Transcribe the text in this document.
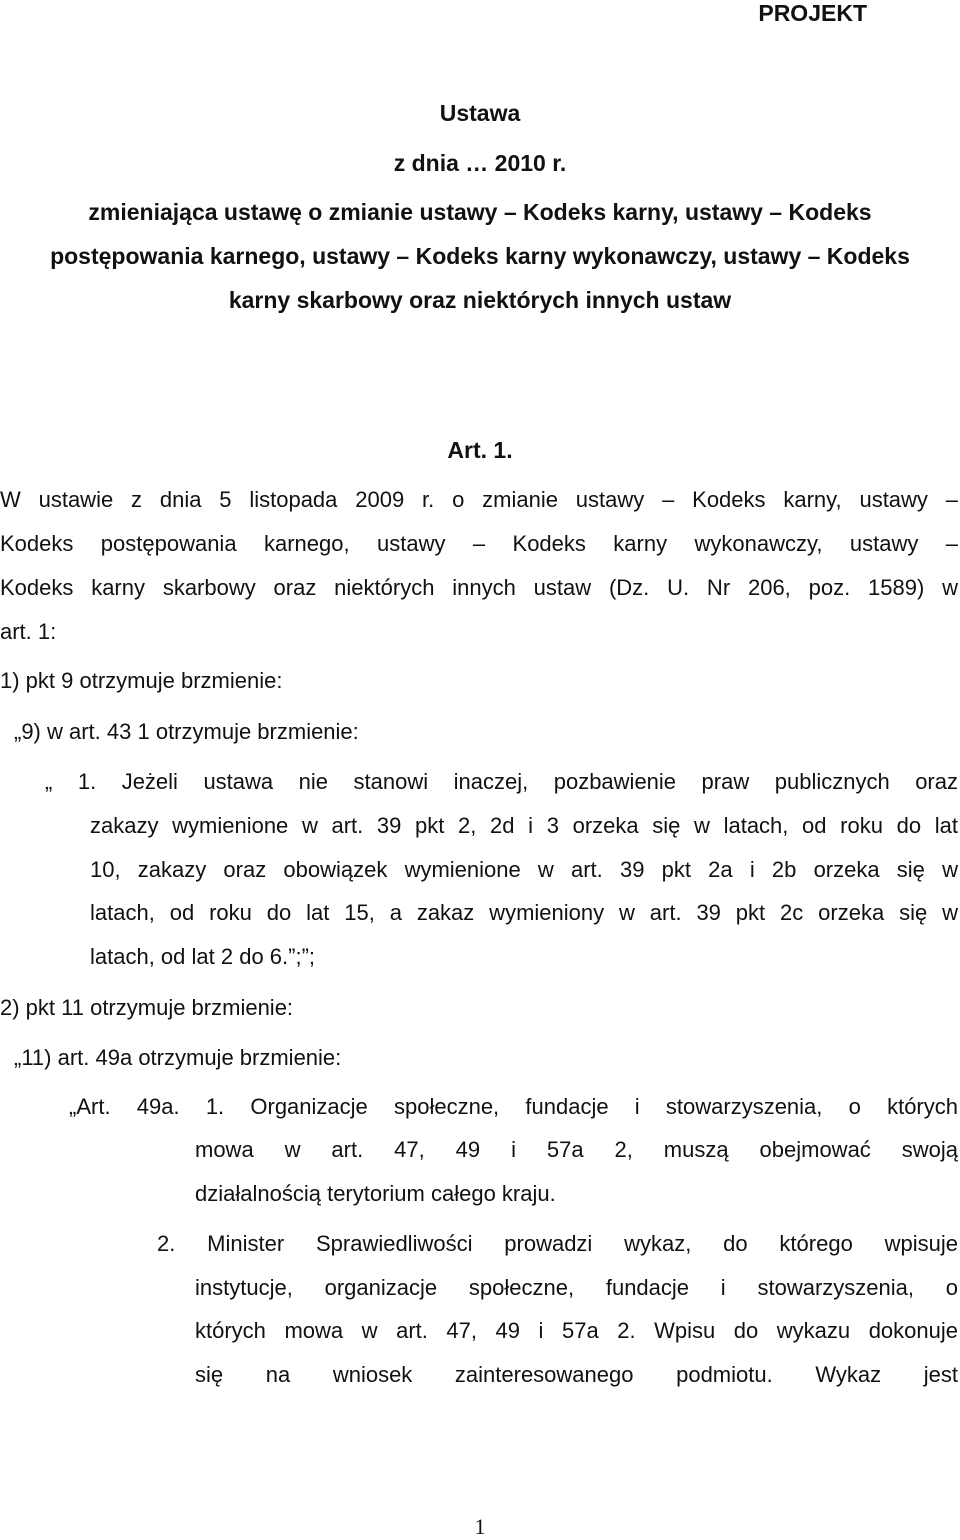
PROJEKT
Ustawa
z dnia … 2010 r.
zmieniająca ustawę o zmianie ustawy – Kodeks karny, ustawy – Kodeks
postępowania karnego, ustawy – Kodeks karny wykonawczy, ustawy – Kodeks
karny skarbowy oraz niektórych innych ustaw
Art. 1.
W ustawie z dnia 5 listopada 2009 r. o zmianie ustawy – Kodeks karny, ustawy –
Kodeks postępowania karnego, ustawy – Kodeks karny wykonawczy, ustawy –
Kodeks karny skarbowy oraz niektórych innych ustaw (Dz. U. Nr 206, poz. 1589) w
art. 1:
1) pkt 9 otrzymuje brzmienie:
„9) w art. 43 1 otrzymuje brzmienie:
„ 1. Jeżeli ustawa nie stanowi inaczej, pozbawienie praw publicznych oraz
zakazy wymienione w art. 39 pkt 2, 2d i 3 orzeka się w latach, od roku do lat
10, zakazy oraz obowiązek wymienione w art. 39 pkt 2a i 2b orzeka się w
latach, od roku do lat 15, a zakaz wymieniony w art. 39 pkt 2c orzeka się w
latach, od lat 2 do 6.”;”;
2) pkt 11 otrzymuje brzmienie:
„11) art. 49a otrzymuje brzmienie:
„Art. 49a. 1. Organizacje społeczne, fundacje i stowarzyszenia, o których
mowa w art. 47, 49 i 57a 2, muszą obejmować swoją
działalnością terytorium całego kraju.
2. Minister Sprawiedliwości prowadzi wykaz, do którego wpisuje
instytucje, organizacje społeczne, fundacje i stowarzyszenia, o
których mowa w art. 47, 49 i 57a 2. Wpisu do wykazu dokonuje
się na wniosek zainteresowanego podmiotu. Wykaz jest
1
